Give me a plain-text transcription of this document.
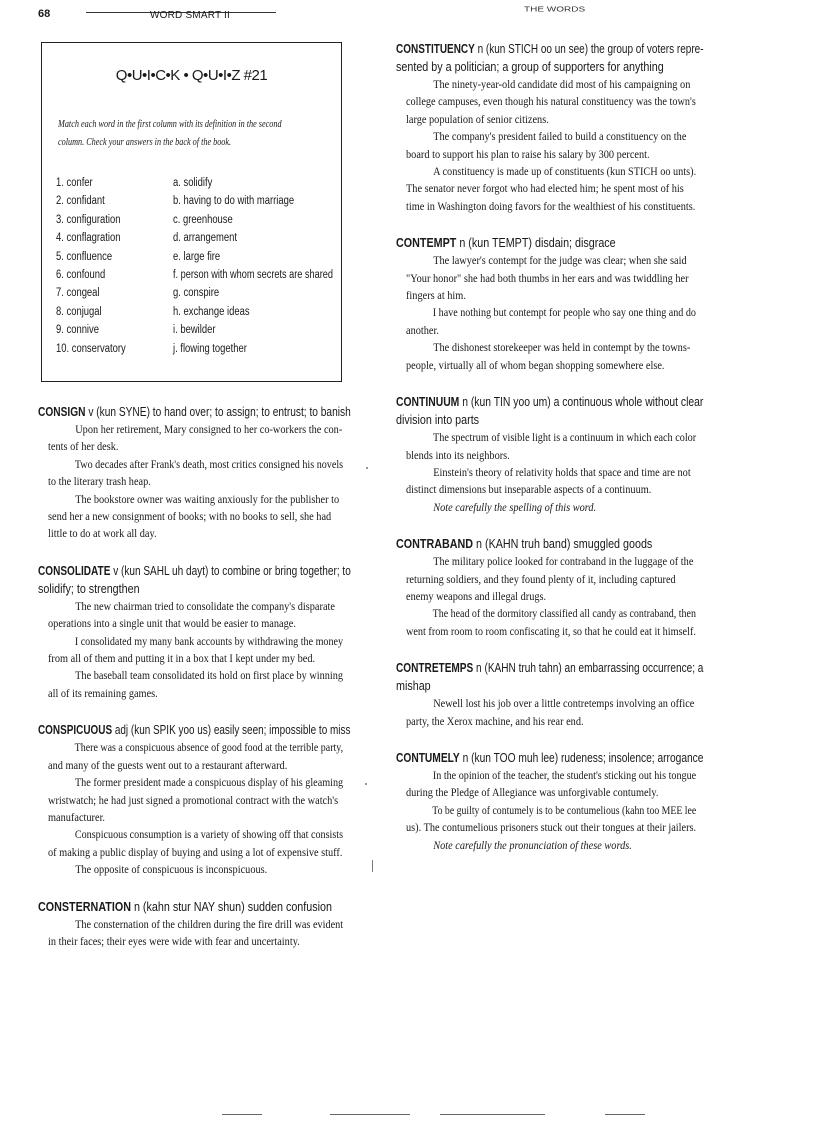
68	WORD SMART II
THE WORDS
Q•U•I•C•K • Q•U•I•Z #21
Match each word in the first column with its definition in the second
column. Check your answers in the back of the book.
1. confer
2. confidant
3. configuration
4. conflagration
5. confluence
6. confound
7. congeal
8. conjugal
9. connive
10. conservatory
a. solidify
b. having to do with marriage
c. greenhouse
d. arrangement
e. large fire
f. person with whom secrets are shared
g. conspire
h. exchange ideas
i. bewilder
j. flowing together
CONSIGN v (kun SYNE) to hand over; to assign; to entrust; to banish
Upon her retirement, Mary consigned to her co-workers the con-
tents of her desk.
Two decades after Frank's death, most critics consigned his novels
to the literary trash heap.
The bookstore owner was waiting anxiously for the publisher to
send her a new consignment of books; with no books to sell, she had
little to do at work all day.
CONSOLIDATE v (kun SAHL uh dayt) to combine or bring together; to
solidify; to strengthen
The new chairman tried to consolidate the company's disparate
operations into a single unit that would be easier to manage.
I consolidated my many bank accounts by withdrawing the money
from all of them and putting it in a box that I kept under my bed.
The baseball team consolidated its hold on first place by winning
all of its remaining games.
CONSPICUOUS adj (kun SPIK yoo us) easily seen; impossible to miss
There was a conspicuous absence of good food at the terrible party,
and many of the guests went out to a restaurant afterward.
The former president made a conspicuous display of his gleaming
wristwatch; he had just signed a promotional contract with the watch's
manufacturer.
Conspicuous consumption is a variety of showing off that consists
of making a public display of buying and using a lot of expensive stuff.
The opposite of conspicuous is inconspicuous.
CONSTERNATION n (kahn stur NAY shun) sudden confusion
The consternation of the children during the fire drill was evident
in their faces; their eyes were wide with fear and uncertainty.
CONSTITUENCY n (kun STICH oo un see) the group of voters repre-
sented by a politician; a group of supporters for anything
The ninety-year-old candidate did most of his campaigning on
college campuses, even though his natural constituency was the town's
large population of senior citizens.
The company's president failed to build a constituency on the
board to support his plan to raise his salary by 300 percent.
A constituency is made up of constituents (kun STICH oo unts).
The senator never forgot who had elected him; he spent most of his
time in Washington doing favors for the wealthiest of his constituents.
CONTEMPT n (kun TEMPT) disdain; disgrace
The lawyer's contempt for the judge was clear; when she said
"Your honor" she had both thumbs in her ears and was twiddling her
fingers at him.
I have nothing but contempt for people who say one thing and do
another.
The dishonest storekeeper was held in contempt by the towns-
people, virtually all of whom began shopping somewhere else.
CONTINUUM n (kun TIN yoo um) a continuous whole without clear
division into parts
The spectrum of visible light is a continuum in which each color
blends into its neighbors.
Einstein's theory of relativity holds that space and time are not
distinct dimensions but inseparable aspects of a continuum.
Note carefully the spelling of this word.
CONTRABAND n (KAHN truh band) smuggled goods
The military police looked for contraband in the luggage of the
returning soldiers, and they found plenty of it, including captured
enemy weapons and illegal drugs.
The head of the dormitory classified all candy as contraband, then
went from room to room confiscating it, so that he could eat it himself.
CONTRETEMPS n (KAHN truh tahn) an embarrassing occurrence; a
mishap
Newell lost his job over a little contretemps involving an office
party, the Xerox machine, and his rear end.
CONTUMELY n (kun TOO muh lee) rudeness; insolence; arrogance
In the opinion of the teacher, the student's sticking out his tongue
during the Pledge of Allegiance was unforgivable contumely.
To be guilty of contumely is to be contumelious (kahn too MEE lee
us). The contumelious prisoners stuck out their tongues at their jailers.
Note carefully the pronunciation of these words.
